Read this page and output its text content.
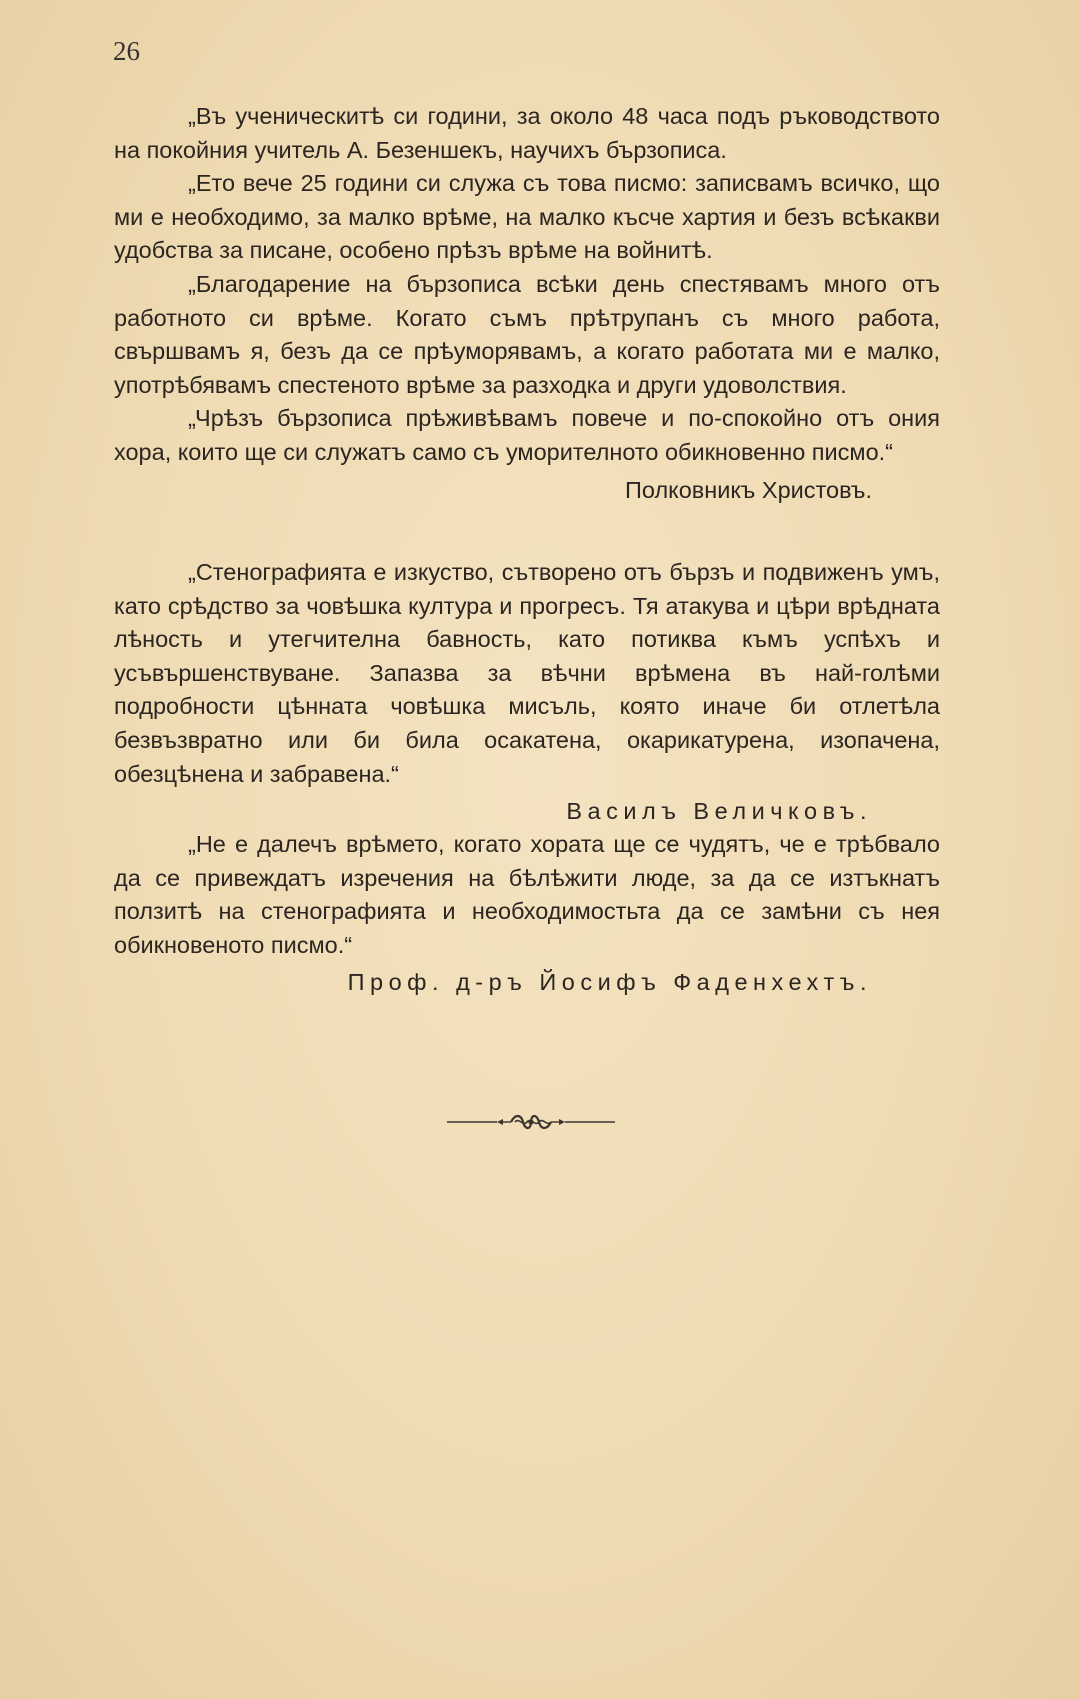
26

„Въ ученическитѣ си години, за около 48 часа подъ ръководството на покойния учитель А. Безеншекъ, научихъ бързописа.

„Ето вече 25 години си служа съ това писмо: записвамъ всичко, що ми е необходимо, за малко врѣме, на малко късче хартия и безъ всѣкакви удобства за писане, особено прѣзъ врѣме на войнитѣ.

„Благодарение на бързописа всѣки день спестявамъ много отъ работното си врѣме. Когато съмъ прѣтрупанъ съ много работа, свършвамъ я, безъ да се прѣуморявамъ, а когато работата ми е малко, употрѣбявамъ спестеното врѣме за разходка и други удоволствия.

„Чрѣзъ бързописа прѣживѣвамъ повече и по-спокойно отъ ония хора, които ще си служатъ само съ уморителното обикновенно писмо.“

Полковникъ Христовъ.

„Стенографията е изкуство, сътворено отъ бързъ и подвиженъ умъ, като срѣдство за човѣшка култура и прогресъ. Тя атакува и цѣри врѣдната лѣность и утегчителна бавность, като потиква къмъ успѣхъ и усъвършенствуване. Запазва за вѣчни врѣмена въ най-голѣми подробности цѣнната човѣшка мисъль, която иначе би отлетѣла безвъзвратно или би била осакатена, окарикатурена, изопачена, обезцѣнена и забравена.“

Василъ Величковъ.

„Не е далечъ врѣмето, когато хората ще се чудятъ, че е трѣбвало да се привеждатъ изречения на бѣлѣжити люде, за да се изтъкнатъ ползитѣ на стенографията и необходимостьта да се замѣни съ нея обикновеното писмо.“

Проф. д-ръ Йосифъ Фаденхехтъ.
